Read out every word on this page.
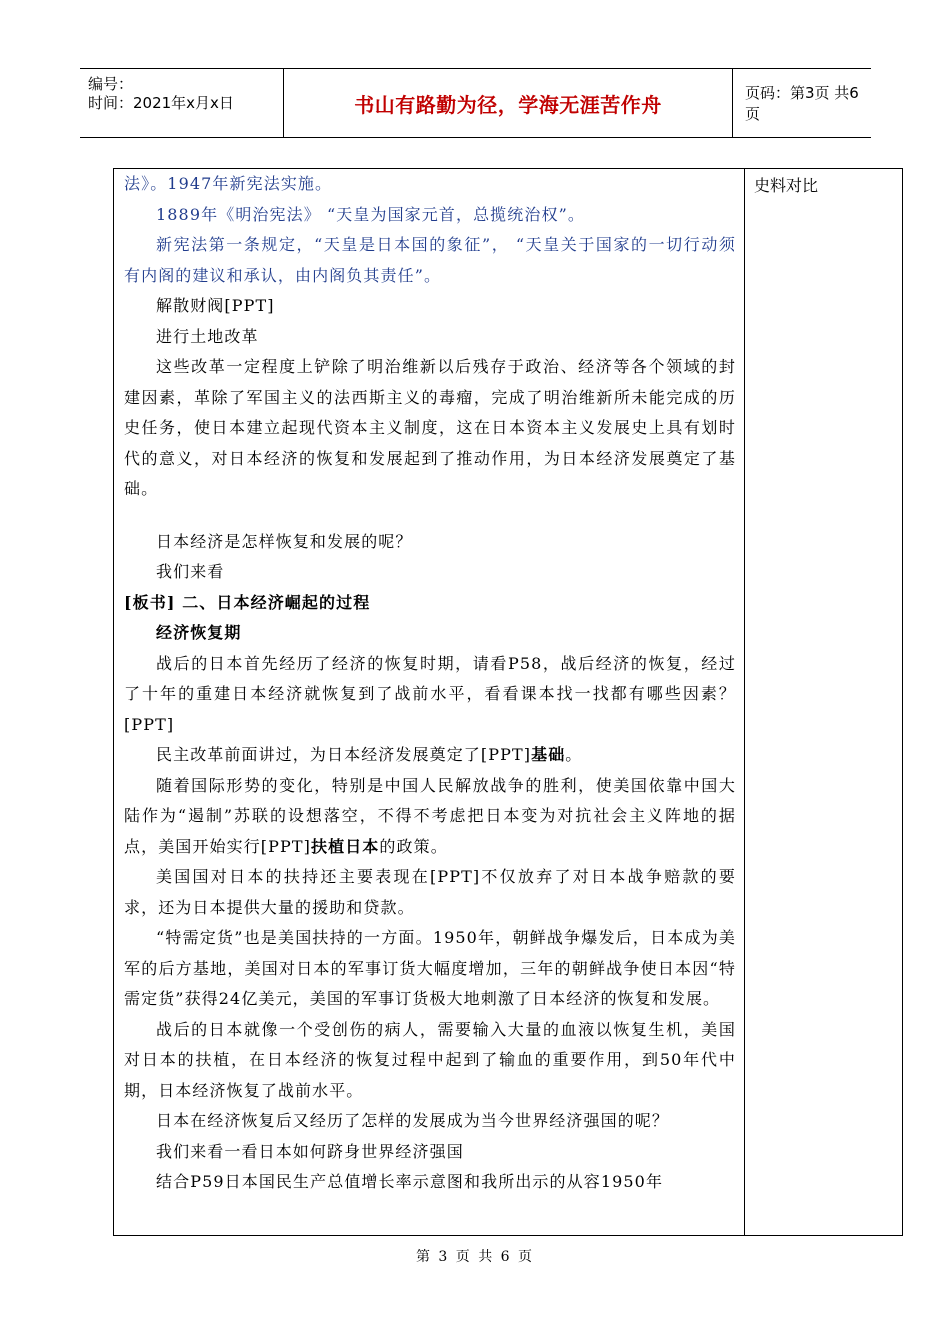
编号：
时间：2021年x月x日	书山有路勤为径，学海无涯苦作舟	页码：第3页 共6页
史料对比

法》。1947年新宪法实施。

1889年《明治宪法》 “天皇为国家元首，总揽统治权”。

新宪法第一条规定，“天皇是日本国的象征”， “天皇关于国家的一切行动须有内阁的建议和承认，由内阁负其责任”。

解散财阀[PPT]

进行土地改革

这些改革一定程度上铲除了明治维新以后残存于政治、经济等各个领域的封建因素，革除了军国主义的法西斯主义的毒瘤，完成了明治维新所未能完成的历史任务，使日本建立起现代资本主义制度，这在日本资本主义发展史上具有划时代的意义，对日本经济的恢复和发展起到了推动作用，为日本经济发展奠定了基础。

日本经济是怎样恢复和发展的呢？

我们来看

[板书] 二、日本经济崛起的过程

经济恢复期

战后的日本首先经历了经济的恢复时期，请看P58，战后经济的恢复，经过了十年的重建日本经济就恢复到了战前水平，看看课本找一找都有哪些因素？[PPT]

民主改革前面讲过，为日本经济发展奠定了[PPT]基础。

随着国际形势的变化，特别是中国人民解放战争的胜利，使美国依靠中国大陆作为“遏制”苏联的设想落空，不得不考虑把日本变为对抗社会主义阵地的据点，美国开始实行[PPT]扶植日本的政策。

美国国对日本的扶持还主要表现在[PPT]不仅放弃了对日本战争赔款的要求，还为日本提供大量的援助和贷款。

“特需定货”也是美国扶持的一方面。1950年，朝鲜战争爆发后，日本成为美军的后方基地，美国对日本的军事订货大幅度增加，三年的朝鲜战争使日本因“特需定货”获得24亿美元，美国的军事订货极大地刺激了日本经济的恢复和发展。

战后的日本就像一个受创伤的病人，需要输入大量的血液以恢复生机，美国对日本的扶植，在日本经济的恢复过程中起到了输血的重要作用，到50年代中期，日本经济恢复了战前水平。

日本在经济恢复后又经历了怎样的发展成为当今世界经济强国的呢？

我们来看一看日本如何跻身世界经济强国

结合P59日本国民生产总值增长率示意图和我所出示的从容1950年

第 3 页 共 6 页
